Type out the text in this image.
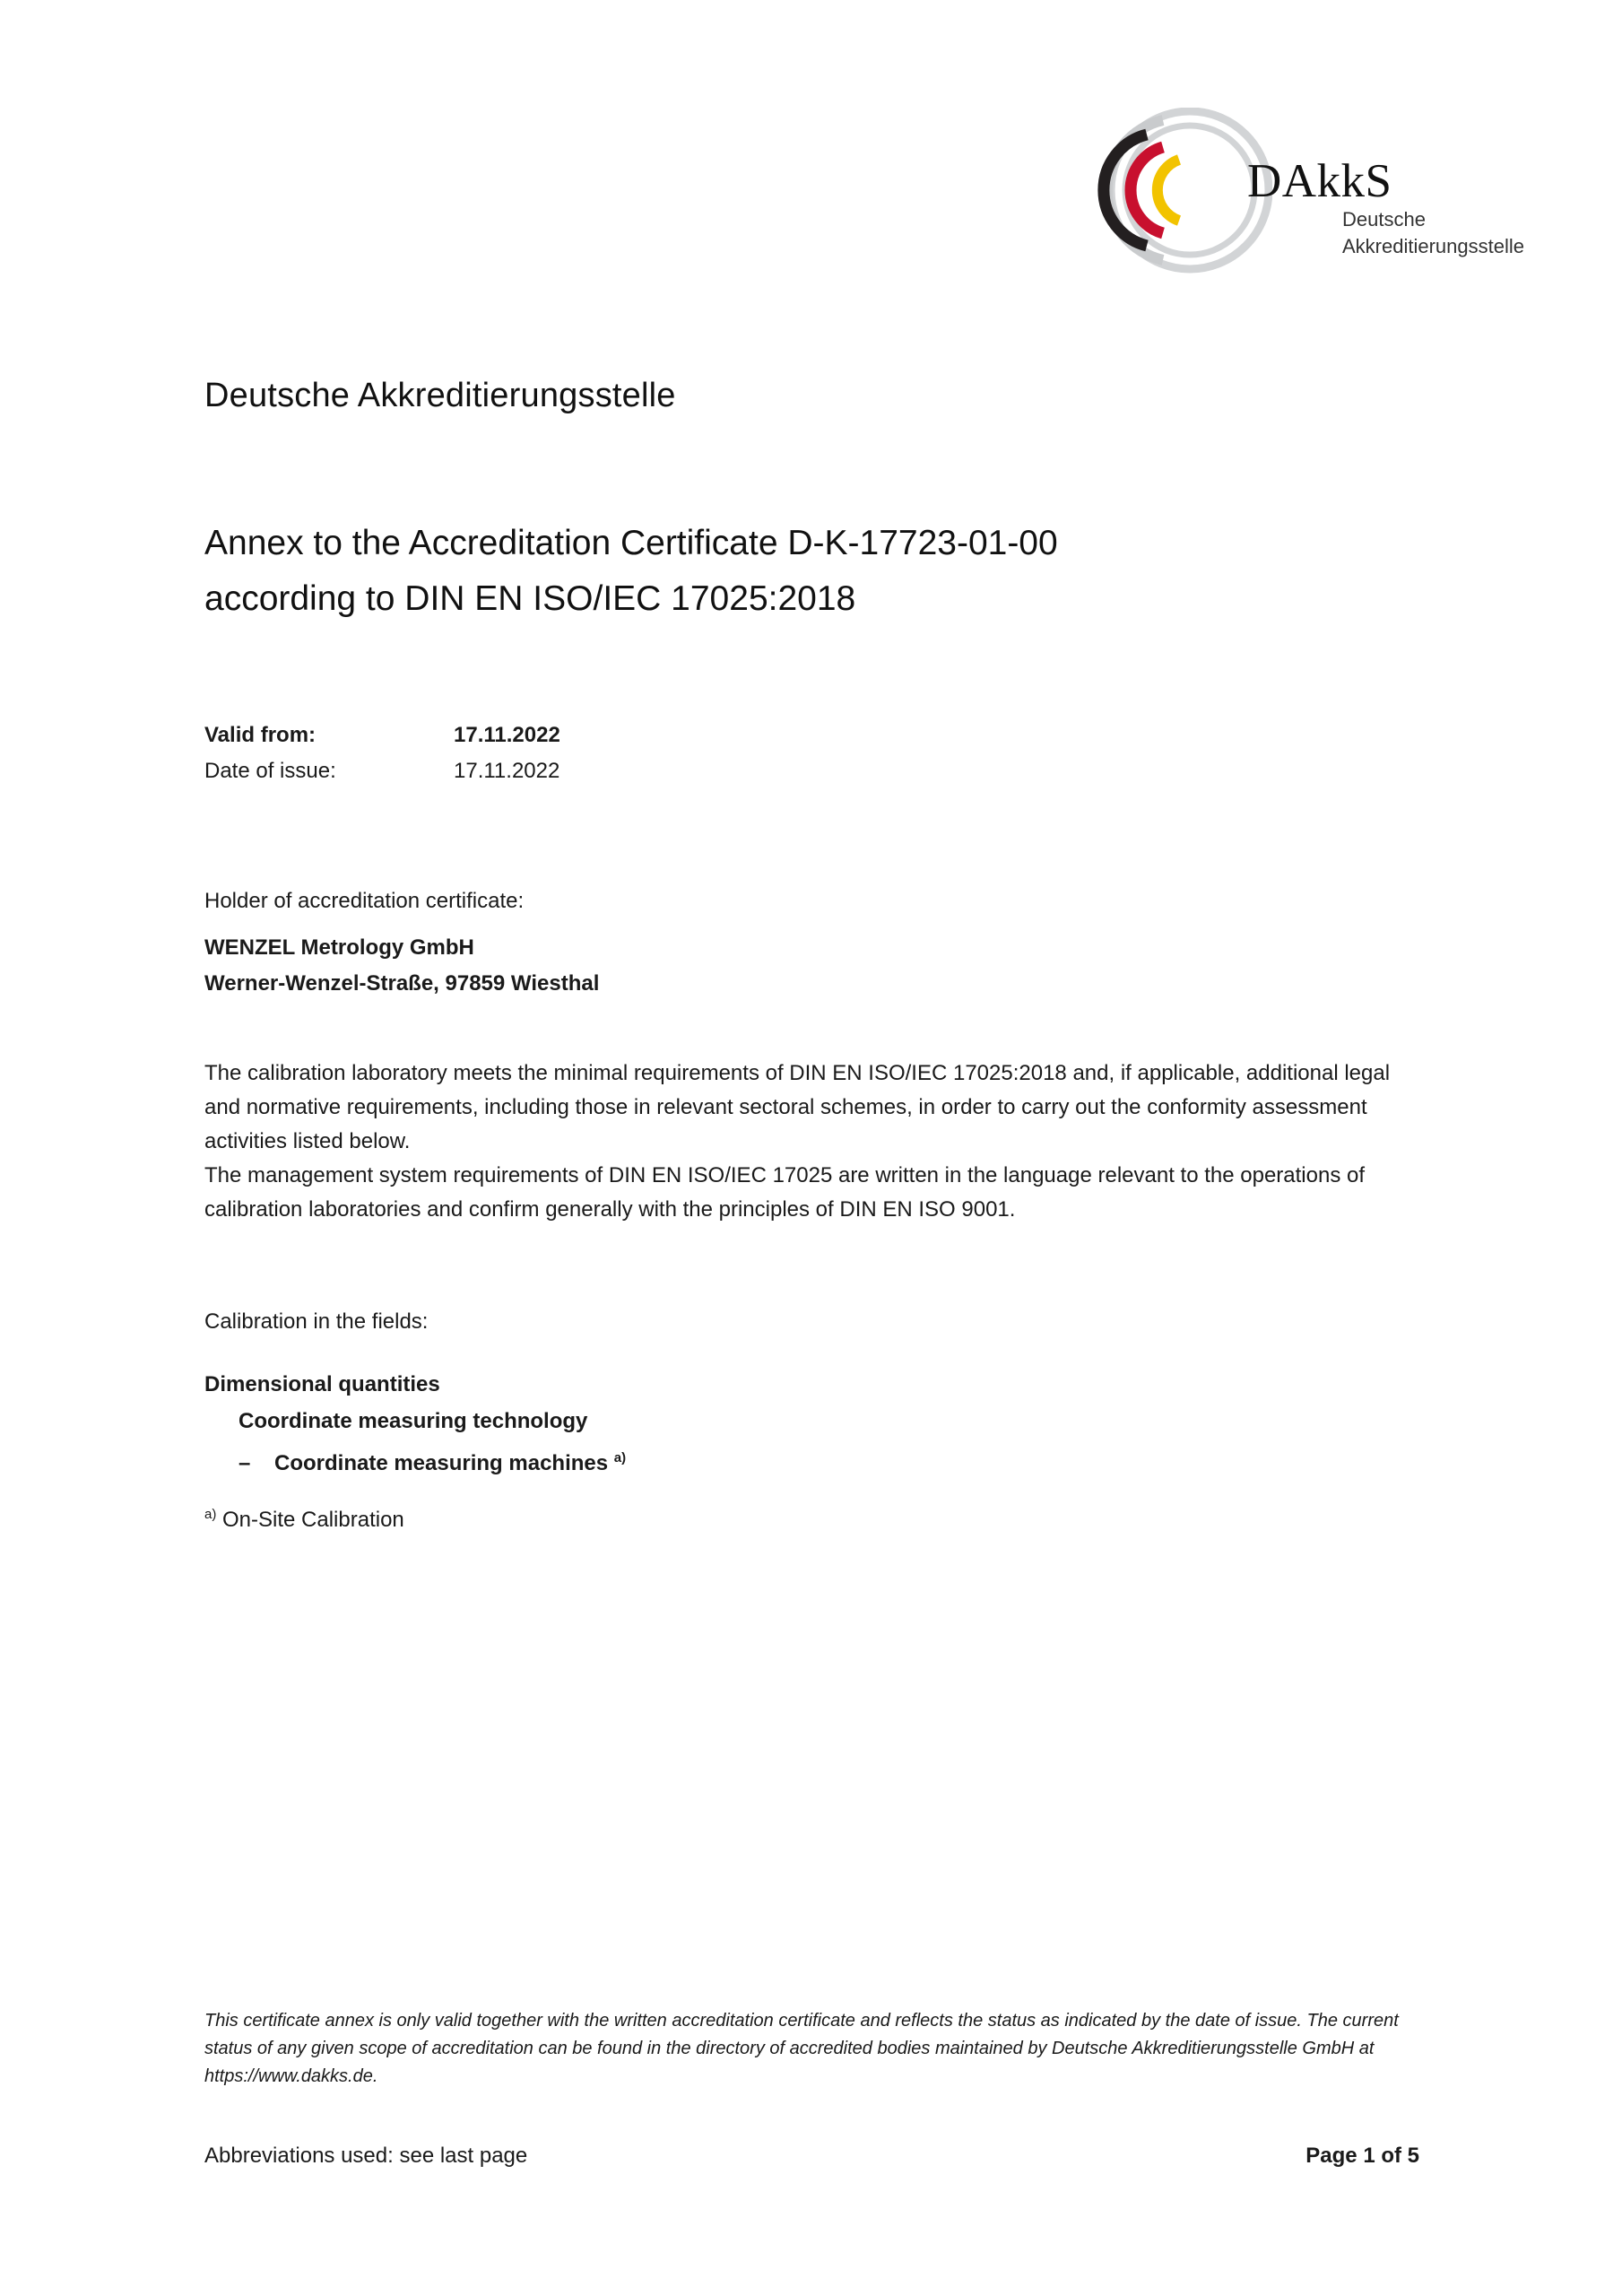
DAkkS
Deutsche
Akkreditierungsstelle
Deutsche Akkreditierungsstelle
Annex to the Accreditation Certificate D-K-17723-01-00
according to DIN EN ISO/IEC 17025:2018
Valid from:	17.11.2022
Date of issue:	17.11.2022
Holder of accreditation certificate:
WENZEL Metrology GmbH
Werner-Wenzel-Straße, 97859 Wiesthal

The calibration laboratory meets the minimal requirements of DIN EN ISO/IEC 17025:2018 and, if applicable, additional legal and normative requirements, including those in relevant sectoral schemes, in order to carry out the conformity assessment activities listed below.

The management system requirements of DIN EN ISO/IEC 17025 are written in the language relevant to the operations of calibration laboratories and confirm generally with the principles of DIN EN ISO 9001.

Calibration in the fields:
Dimensional quantities
Coordinate measuring technology
– Coordinate measuring machines $^{a)}$
$^{a)}$ On-Site Calibration
This certificate annex is only valid together with the written accreditation certificate and reflects the status as indicated by the date of issue. The current status of any given scope of accreditation can be found in the directory of accredited bodies maintained by Deutsche Akkreditierungsstelle GmbH at https://www.dakks.de.
Abbreviations used: see last page	Page 1 of 5
